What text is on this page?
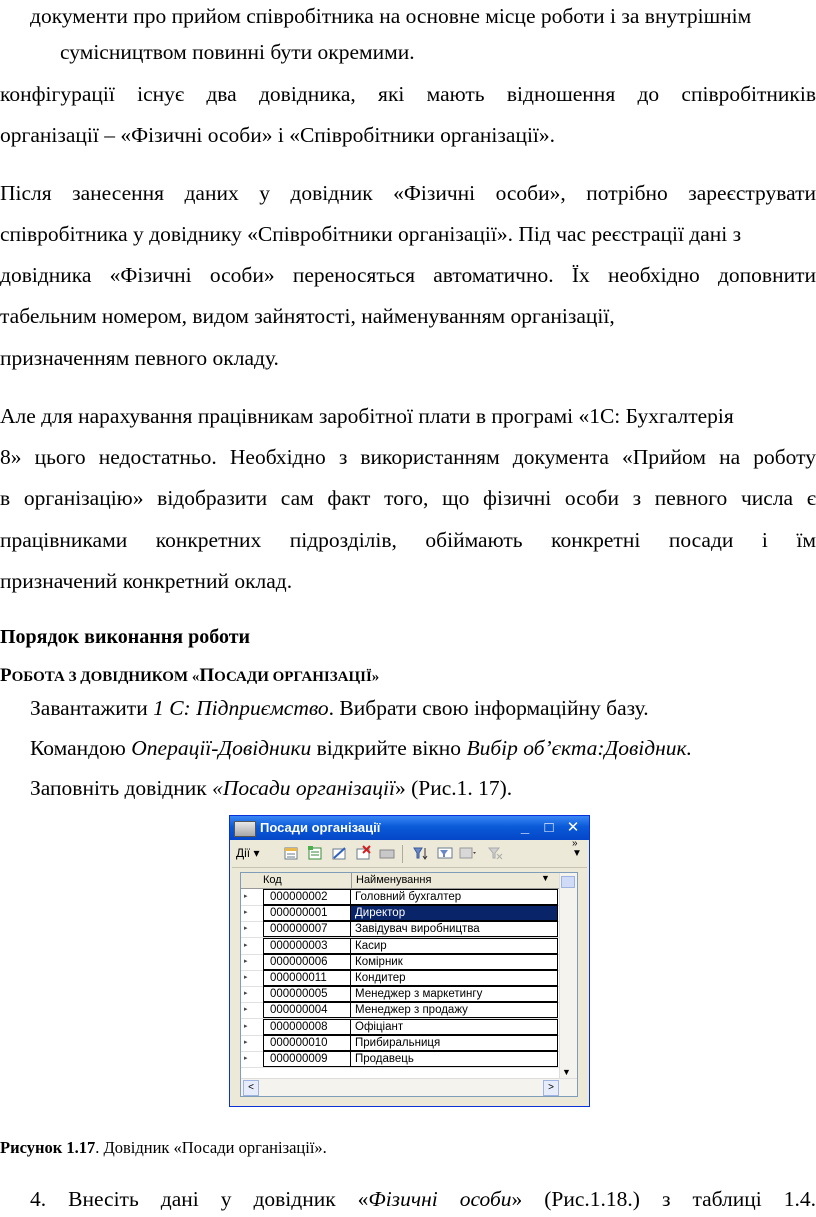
документи про прийом співробітника на основне місце роботи і за внутрішнім
сумісництвом повинні бути окремими.
конфігурації існує два довідника, які мають відношення до співробітників
організації – «Фізичні особи» і «Співробітники організації».
Після занесення даних у довідник «Фізичні особи», потрібно зареєструвати
співробітника у довіднику «Співробітники організації». Під час реєстрації дані з
довідника «Фізичні особи» переносяться автоматично. Їх необхідно доповнити
табельним номером, видом зайнятості, найменуванням організації,
призначенням певного окладу.
Але для нарахування працівникам заробітної плати в програмі «1С: Бухгалтерія
8» цього недостатньо. Необхідно з використанням документа «Прийом на роботу
в організацію» відобразити сам факт того, що фізичні особи з певного числа є
працівниками конкретних підрозділів, обіймають конкретні посади і їм
призначений конкретний оклад.
Порядок виконання роботи
РОБОТА З ДОВІДНИКОМ «ПОСАДИ ОРГАНІЗАЦІЇ»
Завантажити 1 С: Підприємство. Вибрати свою інформаційну базу.
Командою Операції-Довідники відкрийте вікно Вибір об’єкта:Довідник.
Заповніть довідник «Посади організації» (Рис.1. 17).
Посади організації	_	□ ✕
Дії ▾
»
▼
Код	Найменування	▼
▸	000000002	Головний бухгалтер
▸	000000001	Директор
▸	000000007	Завідувач виробництва
▸	000000003	Касир
▸	000000006	Комірник
▸	000000011	Кондитер
▸	000000005	Менеджер з маркетингу
▸	000000004	Менеджер з продажу
▸	000000008	Офіціант
▸	000000010	Прибиральниця
▸	000000009	Продавець
▼
<	>
Рисунок 1.17. Довідник «Посади організації».
4. Внесіть дані у довідник «Фізичні особи» (Рис.1.18.) з таблиці 1.4.
